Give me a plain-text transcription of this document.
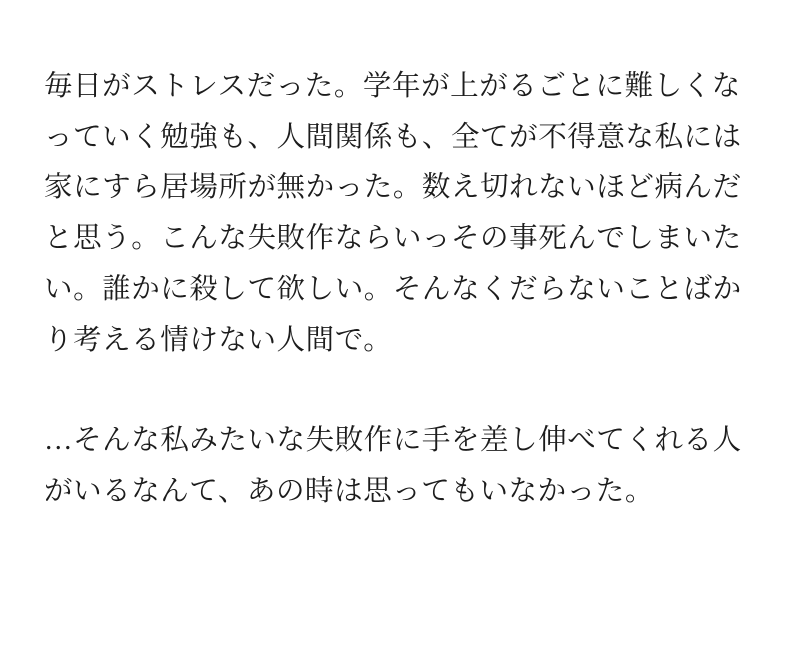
毎日がストレスだった。学年が上がるごとに難しくなっていく勉強も、人間関係も、全てが不得意な私には家にすら居場所が無かった。数え切れないほど病んだと思う。こんな失敗作ならいっその事死んでしまいたい。誰かに殺して欲しい。そんなくだらないことばかり考える情けない人間で。

…そんな私みたいな失敗作に手を差し伸べてくれる人がいるなんて、あの時は思ってもいなかった。
